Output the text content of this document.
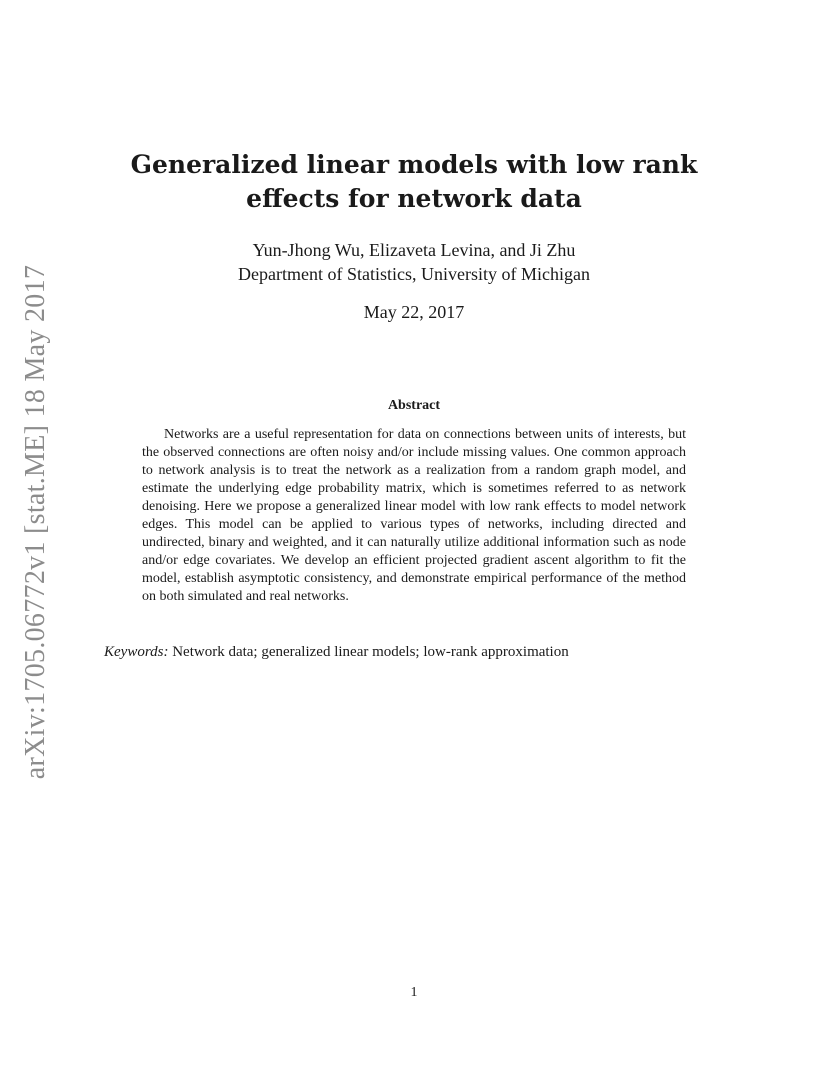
arXiv:1705.06772v1 [stat.ME] 18 May 2017
Generalized linear models with low rank
effects for network data

Yun-Jhong Wu, Elizaveta Levina, and Ji Zhu

Department of Statistics, University of Michigan

May 22, 2017

Abstract

Networks are a useful representation for data on connections between units of interests, but the observed connections are often noisy and/or include missing values. One common approach to network analysis is to treat the network as a realization from a random graph model, and estimate the underlying edge probability matrix, which is sometimes referred to as network denoising. Here we propose a generalized linear model with low rank effects to model network edges. This model can be applied to various types of networks, including directed and undirected, binary and weighted, and it can naturally utilize additional information such as node and/or edge covariates. We develop an efficient projected gradient ascent algorithm to fit the model, establish asymptotic consistency, and demonstrate empirical performance of the method on both simulated and real networks.

Keywords: Network data; generalized linear models; low-rank approximation

1
